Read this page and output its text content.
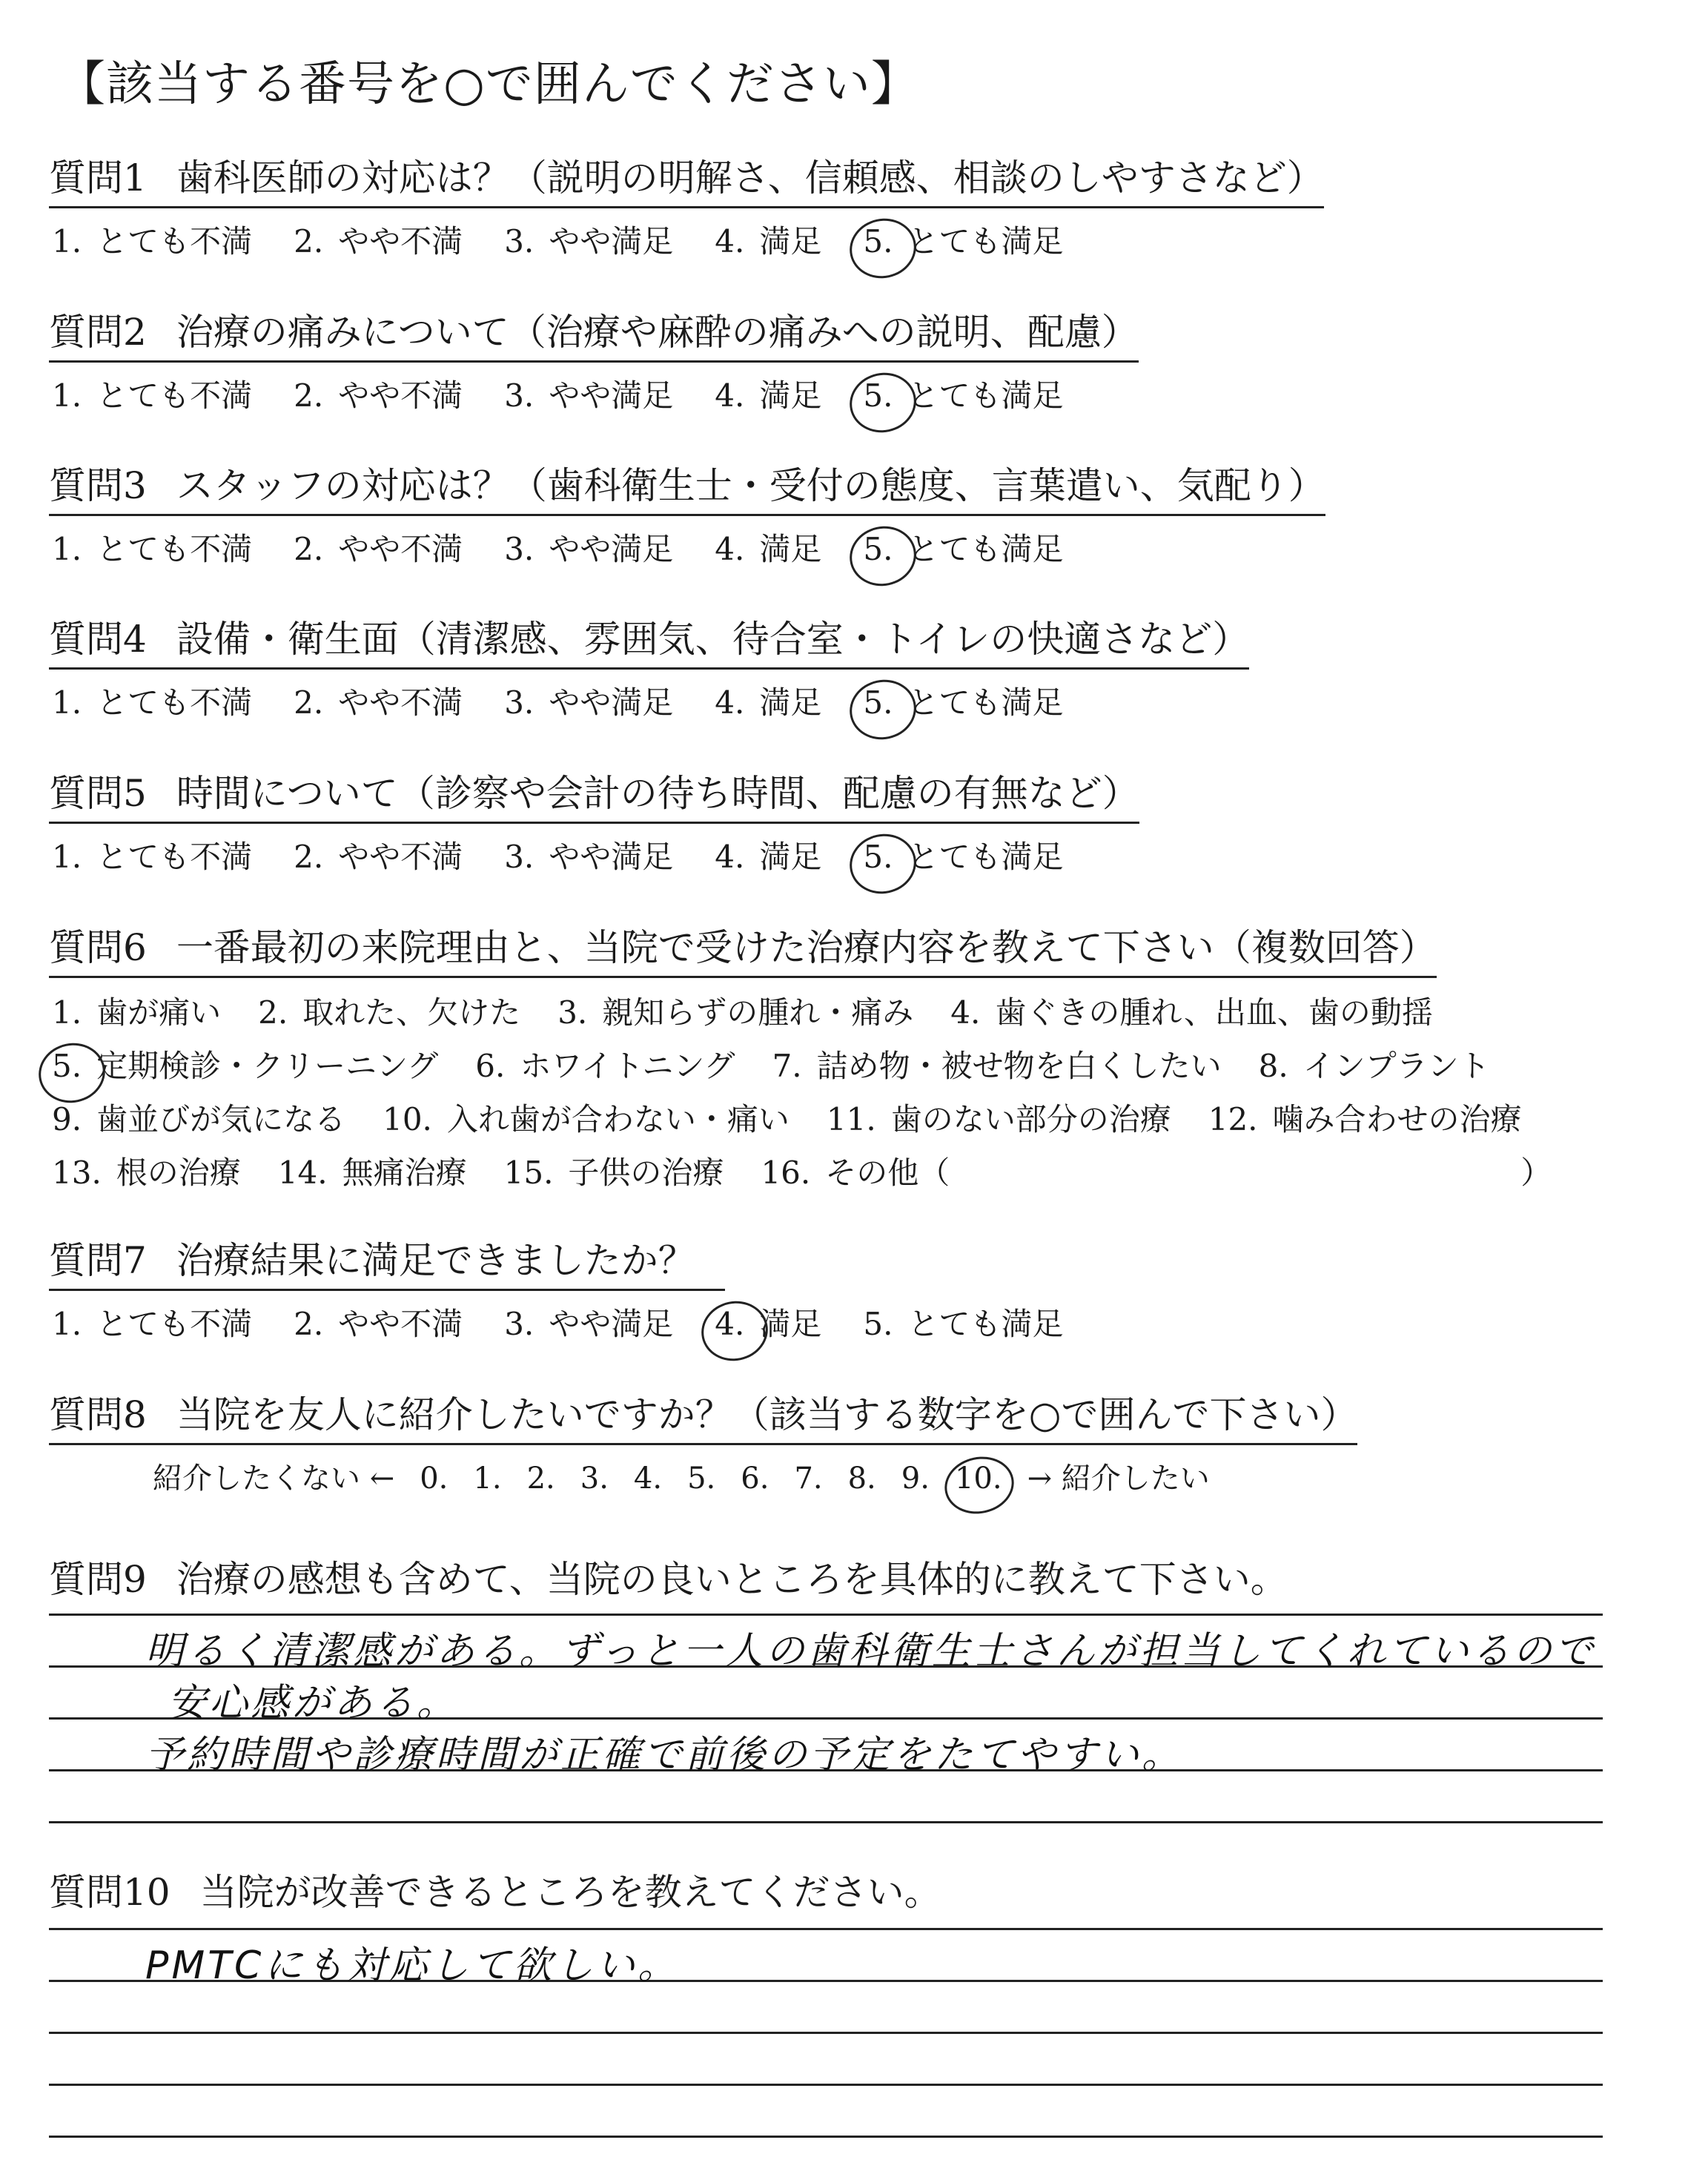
【該当する番号を○で囲んでください】
質問1 歯科医師の対応は？（説明の明解さ、信頼感、相談のしやすさなど）
1. とても不満 2. やや不満 3. やや満足 4. 満足 5. とても満足
質問2 治療の痛みについて（治療や麻酔の痛みへの説明、配慮）
1. とても不満 2. やや不満 3. やや満足 4. 満足 5. とても満足
質問3 スタッフの対応は？（歯科衛生士・受付の態度、言葉遣い、気配り）
1. とても不満 2. やや不満 3. やや満足 4. 満足 5. とても満足
質問4 設備・衛生面（清潔感、雰囲気、待合室・トイレの快適さなど）
1. とても不満 2. やや不満 3. やや満足 4. 満足 5. とても満足
質問5 時間について（診察や会計の待ち時間、配慮の有無など）
1. とても不満 2. やや不満 3. やや満足 4. 満足 5. とても満足
質問6 一番最初の来院理由と、当院で受けた治療内容を教えて下さい（複数回答）
1. 歯が痛い 2. 取れた、欠けた 3. 親知らずの腫れ・痛み 4. 歯ぐきの腫れ、出血、歯の動揺
5. 定期検診・クリーニング 6. ホワイトニング 7. 詰め物・被せ物を白くしたい 8. インプラント
9. 歯並びが気になる 10. 入れ歯が合わない・痛い 11. 歯のない部分の治療 12. 噛み合わせの治療
13. 根の治療 14. 無痛治療 15. 子供の治療 16. その他（	）
質問7 治療結果に満足できましたか？
1. とても不満 2. やや不満 3. やや満足 4. 満足 5. とても満足
質問8 当院を友人に紹介したいですか？（該当する数字を○で囲んで下さい）
紹介したくない ← 0. 1. 2. 3. 4. 5. 6. 7. 8. 9. 10. → 紹介したい
質問9 治療の感想も含めて、当院の良いところを具体的に教えて下さい。
明るく清潔感がある。ずっと一人の歯科衛生士さんが担当してくれているので
安心感がある。
予約時間や診療時間が正確で前後の予定をたてやすい。
質問10 当院が改善できるところを教えてください。
PMTCにも対応して欲しい。
